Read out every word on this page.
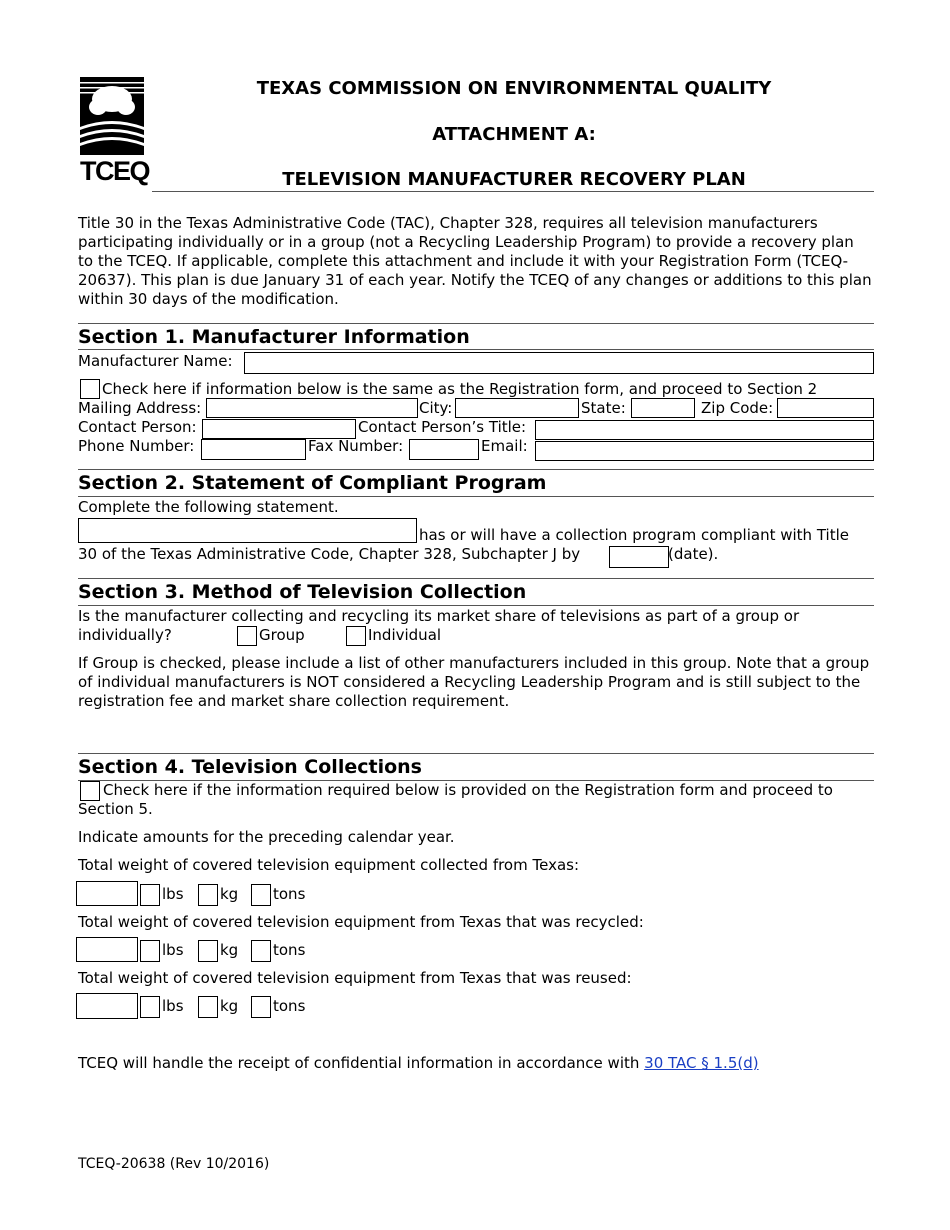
TCEQ
TEXAS COMMISSION ON ENVIRONMENTAL QUALITY
ATTACHMENT A:
TELEVISION MANUFACTURER RECOVERY PLAN
Title 30 in the Texas Administrative Code (TAC), Chapter 328, requires all television manufacturers participating individually or in a group (not a Recycling Leadership Program) to provide a recovery plan to the TCEQ. If applicable, complete this attachment and include it with your Registration Form (TCEQ-20637). This plan is due January 31 of each year. Notify the TCEQ of any changes or additions to this plan within 30 days of the modification.
Section 1. Manufacturer Information
Manufacturer Name:
Check here if information below is the same as the Registration form, and proceed to Section 2
Mailing Address:	City:	State:	Zip Code:
Contact Person:	Contact Person’s Title:
Phone Number:	Fax Number:	Email:
Section 2. Statement of Compliant Program
Complete the following statement.
has or will have a collection program compliant with Title
30 of the Texas Administrative Code, Chapter 328, Subchapter J by	(date).
Section 3. Method of Television Collection
Is the manufacturer collecting and recycling its market share of televisions as part of a group or
individually?	Group	Individual
If Group is checked, please include a list of other manufacturers included in this group. Note that a group of individual manufacturers is NOT considered a Recycling Leadership Program and is still subject to the registration fee and market share collection requirement.
Section 4. Television Collections
Check here if the information required below is provided on the Registration form and proceed to
Section 5.
Indicate amounts for the preceding calendar year.
Total weight of covered television equipment collected from Texas:
lbs kg tons
Total weight of covered television equipment from Texas that was recycled:
lbs kg tons
Total weight of covered television equipment from Texas that was reused:
lbs kg tons
TCEQ will handle the receipt of confidential information in accordance with 30 TAC § 1.5(d)
TCEQ-20638 (Rev 10/2016)
